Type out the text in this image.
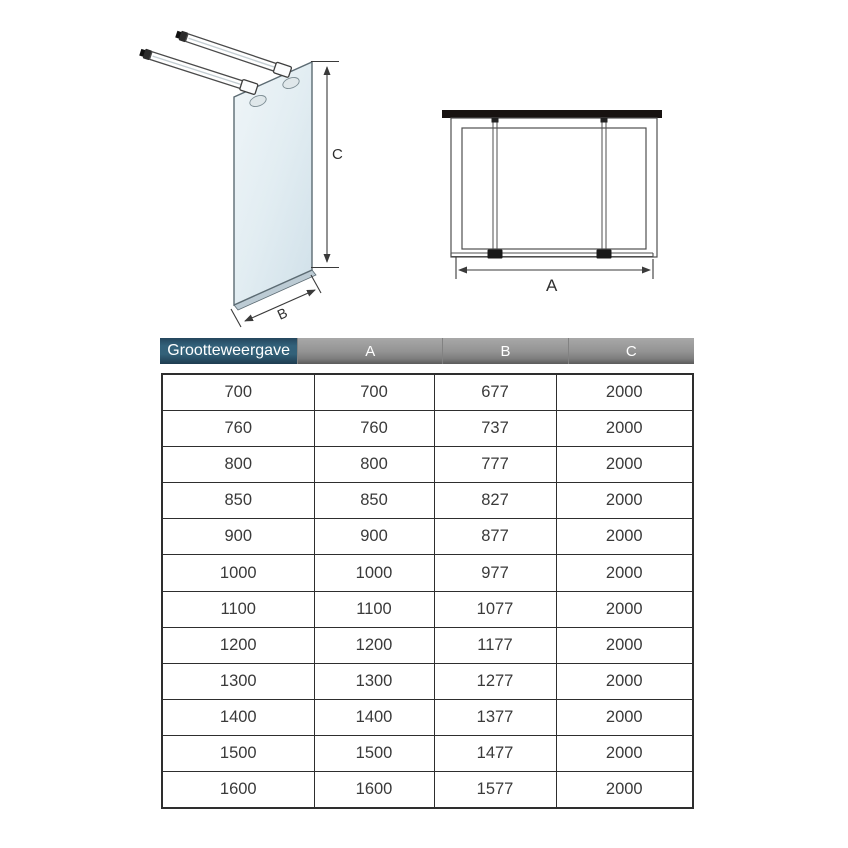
C
B
A
Grootteweergave	A	B	C
700	700	677	2000
760	760	737	2000
800	800	777	2000
850	850	827	2000
900	900	877	2000
1000	1000	977	2000
1100	1100	1077	2000
1200	1200	1177	2000
1300	1300	1277	2000
1400	1400	1377	2000
1500	1500	1477	2000
1600	1600	1577	2000
